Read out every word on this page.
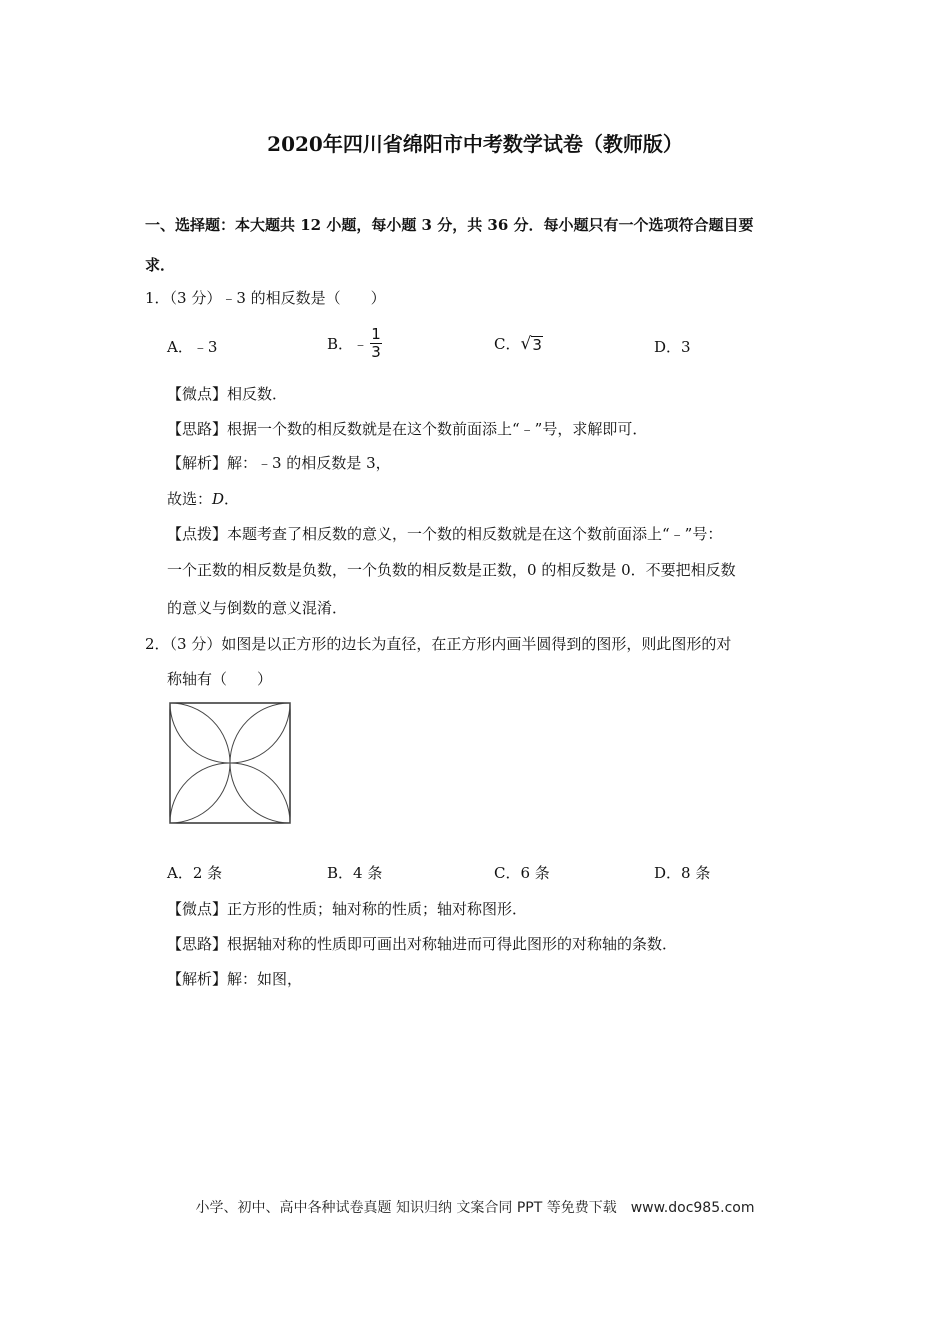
2020年四川省绵阳市中考数学试卷（教师版）
一、选择题：本大题共 12 小题，每小题 3 分，共 36 分．每小题只有一个选项符合题目要
求．
1．（3 分）﹣3 的相反数是（　　）
A．﹣3	B．﹣ $\frac{1}{3}$	C． √ 3	D．3
【微点】相反数．
【思路】根据一个数的相反数就是在这个数前面添上“﹣”号，求解即可．
【解析】解：﹣3 的相反数是 3，
故选：D．
【点拨】本题考查了相反数的意义，一个数的相反数就是在这个数前面添上“﹣”号：
一个正数的相反数是负数，一个负数的相反数是正数，0 的相反数是 0．不要把相反数
的意义与倒数的意义混淆．
2．（3 分）如图是以正方形的边长为直径，在正方形内画半圆得到的图形，则此图形的对
称轴有（　　）
A．2 条	B．4 条	C．6 条	D．8 条
【微点】正方形的性质；轴对称的性质；轴对称图形．
【思路】根据轴对称的性质即可画出对称轴进而可得此图形的对称轴的条数．
【解析】解：如图，
小学、初中、高中各种试卷真题 知识归纳 文案合同 PPT 等免费下载　www.doc985.com
